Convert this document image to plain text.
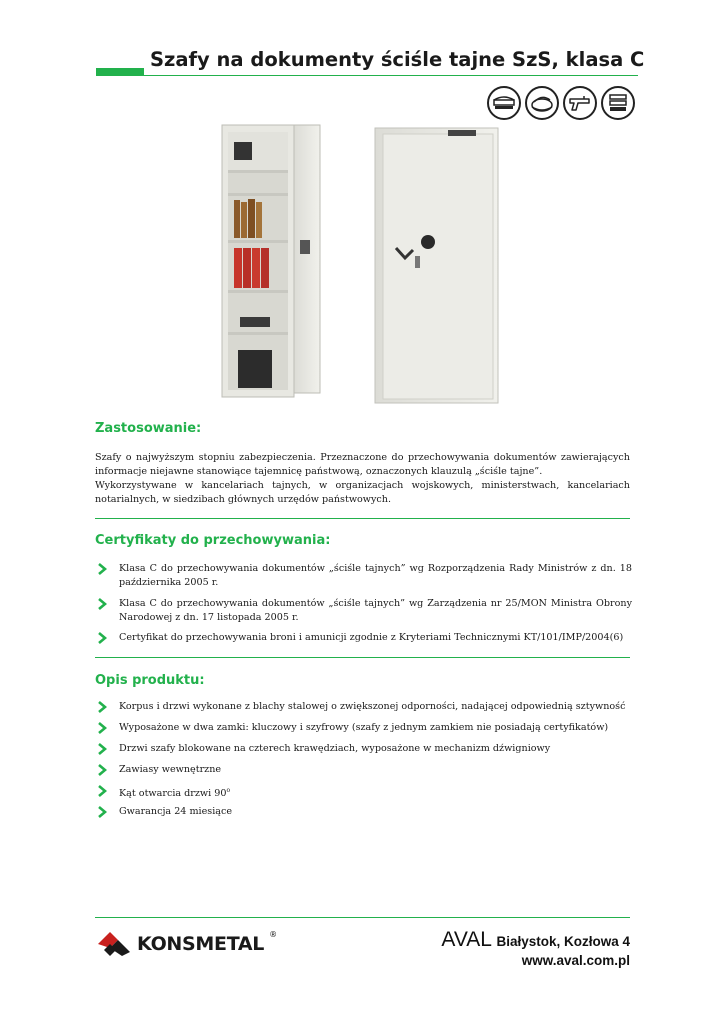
Szafy na dokumenty ściśle tajne SzS, klasa C
Zastosowanie:

Szafy o najwyższym stopniu zabezpieczenia. Przeznaczone do przechowywania dokumentów zawierających informacje niejawne stanowiące tajemnicę państwową, oznaczonych klauzulą „ściśle tajne”.

Wykorzystywane w kancelariach tajnych, w organizacjach wojskowych, ministerstwach, kancelariach notarialnych, w siedzibach głównych urzędów państwowych.

Certyfikaty do przechowywania:
Klasa C do przechowywania dokumentów „ściśle tajnych” wg Rozporządzenia Rady Ministrów z dn. 18 października 2005 r.
Klasa C do przechowywania dokumentów „ściśle tajnych” wg Zarządzenia nr 25/MON Ministra Obrony Narodowej z dn. 17 listopada 2005 r.
Certyfikat do przechowywania broni i amunicji zgodnie z Kryteriami Technicznymi KT/101/IMP/2004(6)
Opis produktu:
Korpus i drzwi wykonane z blachy stalowej o zwiększonej odporności, nadającej odpowiednią sztywność
Wyposażone w dwa zamki: kluczowy i szyfrowy (szafy z jednym zamkiem nie posiadają certyfikatów)
Drzwi szafy blokowane na czterech krawędziach, wyposażone w mechanizm dźwigniowy
Zawiasy wewnętrzne
Kąt otwarcia drzwi 90$^o$
Gwarancja 24 miesiące
KONSMETAL ®	AVAL Białystok, Kozłowa 4
www.aval.com.pl
